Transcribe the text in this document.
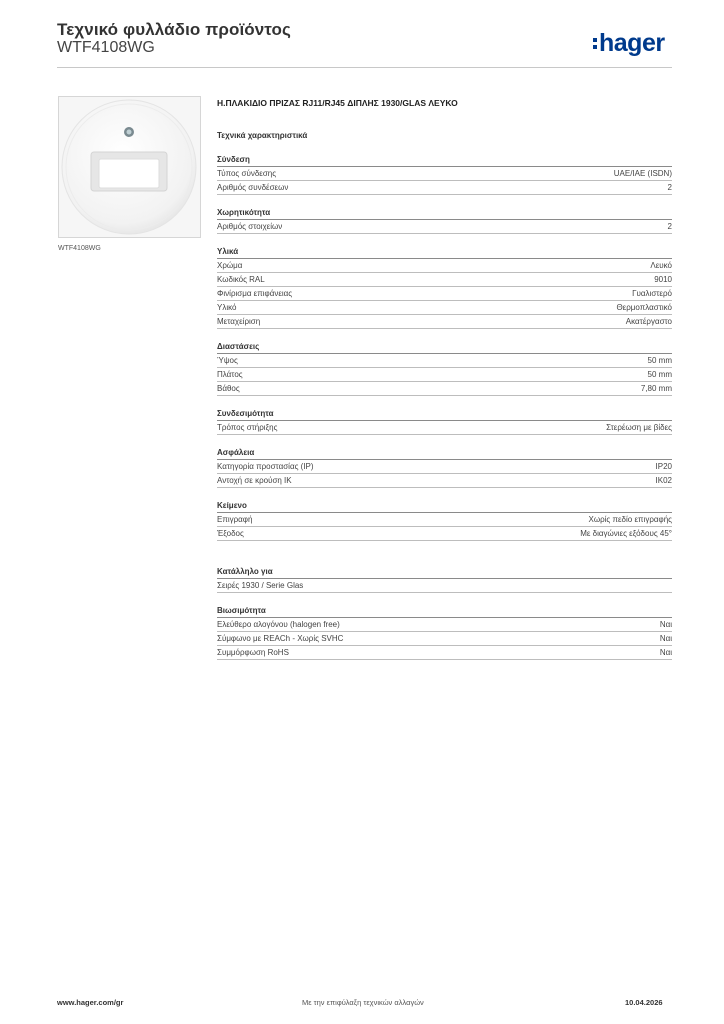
Τεχνικό φυλλάδιο προϊόντος
WTF4108WG	hager
WTF4108WG
Η.ΠΛΑΚΙΔΙΟ ΠΡΙΖΑΣ RJ11/RJ45 ΔΙΠΛΗΣ 1930/GLAS ΛΕΥΚΟ
Τεχνικά χαρακτηριστικά
Σύνδεση
Τύπος σύνδεσης	UAE/IAE (ISDN)
Αριθμός συνδέσεων	2
Χωρητικότητα
Αριθμός στοιχείων	2
Υλικά
Χρώμα	Λευκό
Κωδικός RAL	9010
Φινίρισμα επιφάνειας	Γυαλιστερό
Υλικό	Θερμοπλαστικό
Μεταχείριση	Ακατέργαστο
Διαστάσεις
Ύψος	50 mm
Πλάτος	50 mm
Βάθος	7,80 mm
Συνδεσιμότητα
Τρόπος στήριξης	Στερέωση με βίδες
Ασφάλεια
Κατηγορία προστασίας (IP)	IP20
Αντοχή σε κρούση IK	IK02
Κείμενο
Επιγραφή	Χωρίς πεδίο επιγραφής
Έξοδος	Με διαγώνιες εξόδους 45°
Κατάλληλο για
Σειρές 1930 / Serie Glas
Βιωσιμότητα
Ελεύθερο αλογόνου (halogen free)	Ναι
Σύμφωνο με REACh - Χωρίς SVHC	Ναι
Συμμόρφωση RoHS	Ναι
www.hager.com/gr	Με την επιφύλαξη τεχνικών αλλαγών	10.04.2026
